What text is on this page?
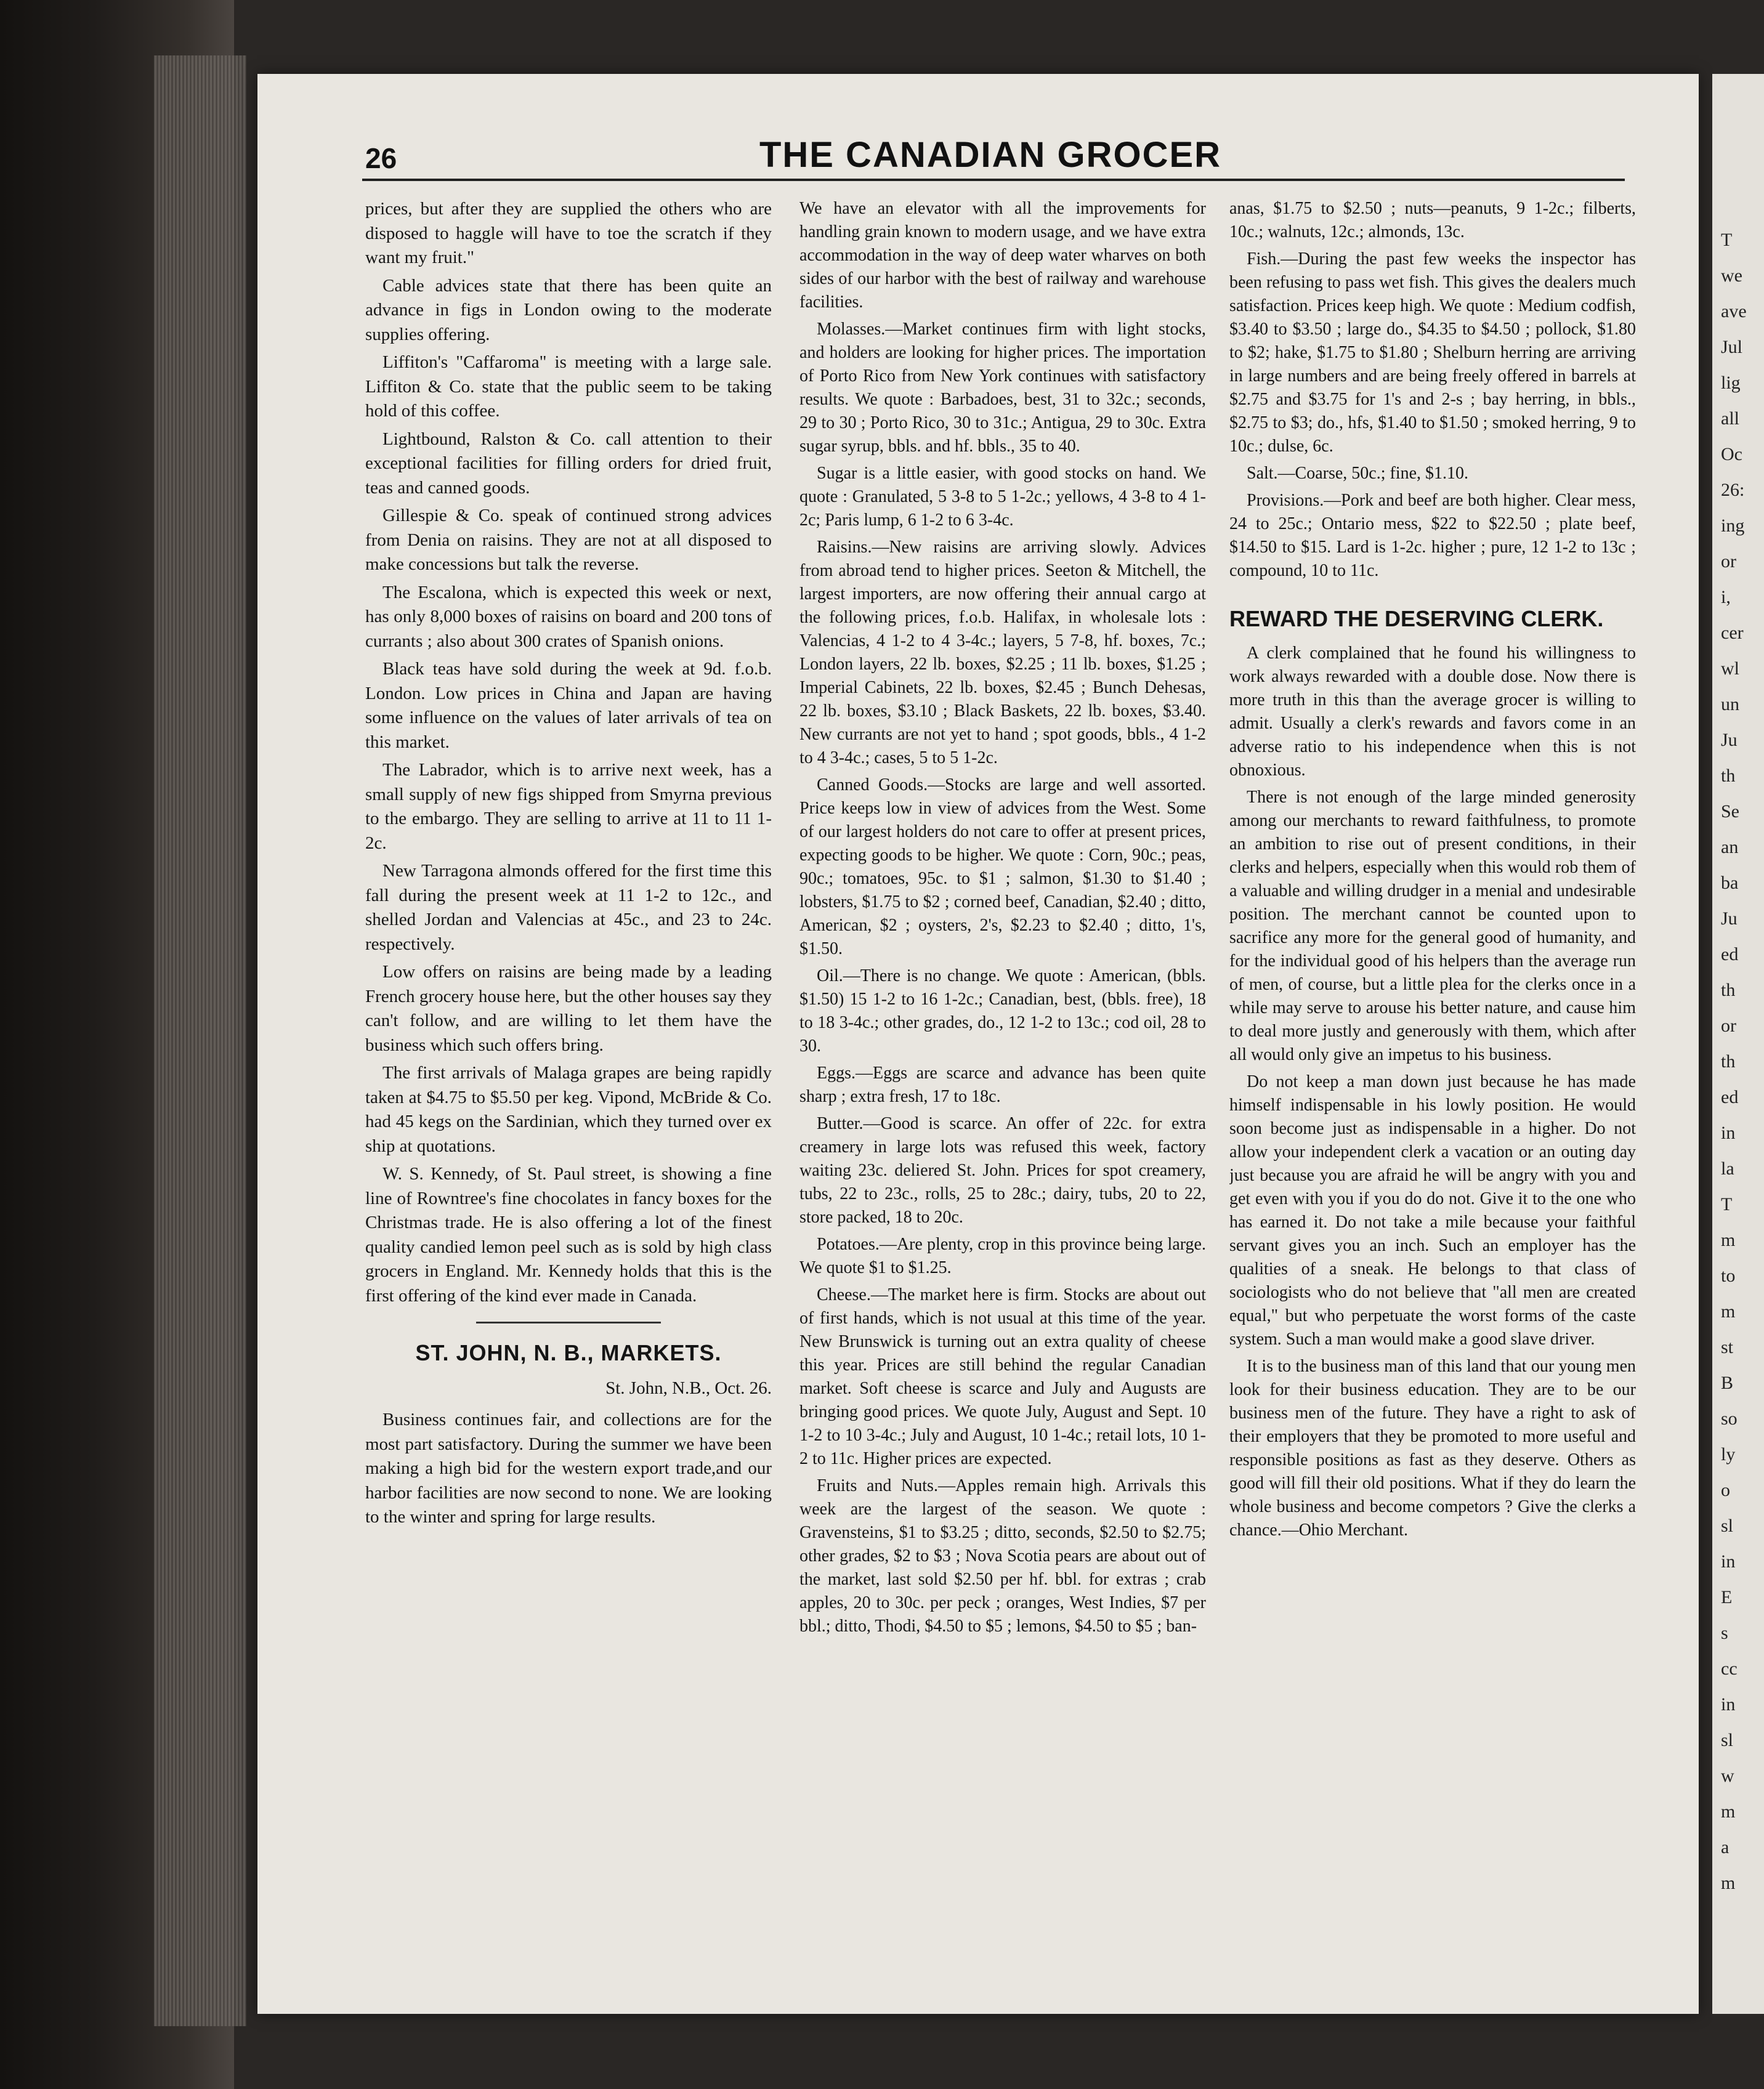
T
we
ave
Jul
lig
all
Oc
26:
ing
or
i,
cer
wl
un
Ju
th
Se
an
ba
Ju
ed
th
or
th
ed
in
la
T
m
to
m
st
B
so
ly
o
sl
in
E
s
cc
in
sl
w
m
a
m
26	THE CANADIAN GROCER

prices, but after they are supplied the others who are disposed to haggle will have to toe the scratch if they want my fruit."

Cable advices state that there has been quite an advance in figs in London owing to the moderate supplies offering.

Liffiton's "Caffaroma" is meeting with a large sale. Liffiton & Co. state that the public seem to be taking hold of this coffee.

Lightbound, Ralston & Co. call attention to their exceptional facilities for filling orders for dried fruit, teas and canned goods.

Gillespie & Co. speak of continued strong advices from Denia on raisins. They are not at all disposed to make concessions but talk the reverse.

The Escalona, which is expected this week or next, has only 8,000 boxes of raisins on board and 200 tons of currants ; also about 300 crates of Spanish onions.

Black teas have sold during the week at 9d. f.o.b. London. Low prices in China and Japan are having some influence on the values of later arrivals of tea on this market.

The Labrador, which is to arrive next week, has a small supply of new figs shipped from Smyrna previous to the embargo. They are selling to arrive at 11 to 11 1-2c.

New Tarragona almonds offered for the first time this fall during the present week at 11 1-2 to 12c., and shelled Jordan and Valencias at 45c., and 23 to 24c. respectively.

Low offers on raisins are being made by a leading French grocery house here, but the other houses say they can't follow, and are willing to let them have the business which such offers bring.

The first arrivals of Malaga grapes are being rapidly taken at $4.75 to $5.50 per keg. Vipond, McBride & Co. had 45 kegs on the Sardinian, which they turned over ex ship at quotations.

W. S. Kennedy, of St. Paul street, is showing a fine line of Rowntree's fine chocolates in fancy boxes for the Christmas trade. He is also offering a lot of the finest quality candied lemon peel such as is sold by high class grocers in England. Mr. Kennedy holds that this is the first offering of the kind ever made in Canada.

ST. JOHN, N. B., MARKETS.
St. John, N.B., Oct. 26.

Business continues fair, and collections are for the most part satisfactory. During the summer we have been making a high bid for the western export trade,and our harbor facilities are now second to none. We are looking to the winter and spring for large results.

We have an elevator with all the improvements for handling grain known to modern usage, and we have extra accommodation in the way of deep water wharves on both sides of our harbor with the best of railway and warehouse facilities.

Molasses.—Market continues firm with light stocks, and holders are looking for higher prices. The importation of Porto Rico from New York continues with satisfactory results. We quote : Barbadoes, best, 31 to 32c.; seconds, 29 to 30 ; Porto Rico, 30 to 31c.; Antigua, 29 to 30c. Extra sugar syrup, bbls. and hf. bbls., 35 to 40.

Sugar is a little easier, with good stocks on hand. We quote : Granulated, 5 3-8 to 5 1-2c.; yellows, 4 3-8 to 4 1-2c; Paris lump, 6 1-2 to 6 3-4c.

Raisins.—New raisins are arriving slowly. Advices from abroad tend to higher prices. Seeton & Mitchell, the largest importers, are now offering their annual cargo at the following prices, f.o.b. Halifax, in wholesale lots : Valencias, 4 1-2 to 4 3-4c.; layers, 5 7-8, hf. boxes, 7c.; London layers, 22 lb. boxes, $2.25 ; 11 lb. boxes, $1.25 ; Imperial Cabinets, 22 lb. boxes, $2.45 ; Bunch Dehesas, 22 lb. boxes, $3.10 ; Black Baskets, 22 lb. boxes, $3.40. New currants are not yet to hand ; spot goods, bbls., 4 1-2 to 4 3-4c.; cases, 5 to 5 1-2c.

Canned Goods.—Stocks are large and well assorted. Price keeps low in view of advices from the West. Some of our largest holders do not care to offer at present prices, expecting goods to be higher. We quote : Corn, 90c.; peas, 90c.; tomatoes, 95c. to $1 ; salmon, $1.30 to $1.40 ; lobsters, $1.75 to $2 ; corned beef, Canadian, $2.40 ; ditto, American, $2 ; oysters, 2's, $2.23 to $2.40 ; ditto, 1's, $1.50.

Oil.—There is no change. We quote : American, (bbls. $1.50) 15 1-2 to 16 1-2c.; Canadian, best, (bbls. free), 18 to 18 3-4c.; other grades, do., 12 1-2 to 13c.; cod oil, 28 to 30.

Eggs.—Eggs are scarce and advance has been quite sharp ; extra fresh, 17 to 18c.

Butter.—Good is scarce. An offer of 22c. for extra creamery in large lots was refused this week, factory waiting 23c. deliered St. John. Prices for spot creamery, tubs, 22 to 23c., rolls, 25 to 28c.; dairy, tubs, 20 to 22, store packed, 18 to 20c.

Potatoes.—Are plenty, crop in this province being large. We quote $1 to $1.25.

Cheese.—The market here is firm. Stocks are about out of first hands, which is not usual at this time of the year. New Brunswick is turning out an extra quality of cheese this year. Prices are still behind the regular Canadian market. Soft cheese is scarce and July and Augusts are bringing good prices. We quote July, August and Sept. 10 1-2 to 10 3-4c.; July and August, 10 1-4c.; retail lots, 10 1-2 to 11c. Higher prices are expected.

Fruits and Nuts.—Apples remain high. Arrivals this week are the largest of the season. We quote : Gravensteins, $1 to $3.25 ; ditto, seconds, $2.50 to $2.75; other grades, $2 to $3 ; Nova Scotia pears are about out of the market, last sold $2.50 per hf. bbl. for extras ; crab apples, 20 to 30c. per peck ; oranges, West Indies, $7 per bbl.; ditto, Thodi, $4.50 to $5 ; lemons, $4.50 to $5 ; ban-

anas, $1.75 to $2.50 ; nuts—peanuts, 9 1-2c.; filberts, 10c.; walnuts, 12c.; almonds, 13c.

Fish.—During the past few weeks the inspector has been refusing to pass wet fish. This gives the dealers much satisfaction. Prices keep high. We quote : Medium codfish, $3.40 to $3.50 ; large do., $4.35 to $4.50 ; pollock, $1.80 to $2; hake, $1.75 to $1.80 ; Shelburn herring are arriving in large numbers and are being freely offered in barrels at $2.75 and $3.75 for 1's and 2-s ; bay herring, in bbls., $2.75 to $3; do., hfs, $1.40 to $1.50 ; smoked herring, 9 to 10c.; dulse, 6c.

Salt.—Coarse, 50c.; fine, $1.10.

Provisions.—Pork and beef are both higher. Clear mess, 24 to 25c.; Ontario mess, $22 to $22.50 ; plate beef, $14.50 to $15. Lard is 1-2c. higher ; pure, 12 1-2 to 13c ; compound, 10 to 11c.

REWARD THE DESERVING CLERK.

A clerk complained that he found his willingness to work always rewarded with a double dose. Now there is more truth in this than the average grocer is willing to admit. Usually a clerk's rewards and favors come in an adverse ratio to his independence when this is not obnoxious.

There is not enough of the large minded generosity among our merchants to reward faithfulness, to promote an ambition to rise out of present conditions, in their clerks and helpers, especially when this would rob them of a valuable and willing drudger in a menial and undesirable position. The merchant cannot be counted upon to sacrifice any more for the general good of humanity, and for the individual good of his helpers than the average run of men, of course, but a little plea for the clerks once in a while may serve to arouse his better nature, and cause him to deal more justly and generously with them, which after all would only give an impetus to his business.

Do not keep a man down just because he has made himself indispensable in his lowly position. He would soon become just as indispensable in a higher. Do not allow your independent clerk a vacation or an outing day just because you are afraid he will be angry with you and get even with you if you do do not. Give it to the one who has earned it. Do not take a mile because your faithful servant gives you an inch. Such an employer has the qualities of a sneak. He belongs to that class of sociologists who do not believe that "all men are created equal," but who perpetuate the worst forms of the caste system. Such a man would make a good slave driver.

It is to the business man of this land that our young men look for their business education. They are to be our business men of the future. They have a right to ask of their employers that they be promoted to more useful and responsible positions as fast as they deserve. Others as good will fill their old positions. What if they do learn the whole business and become competors ? Give the clerks a chance.—Ohio Merchant.
